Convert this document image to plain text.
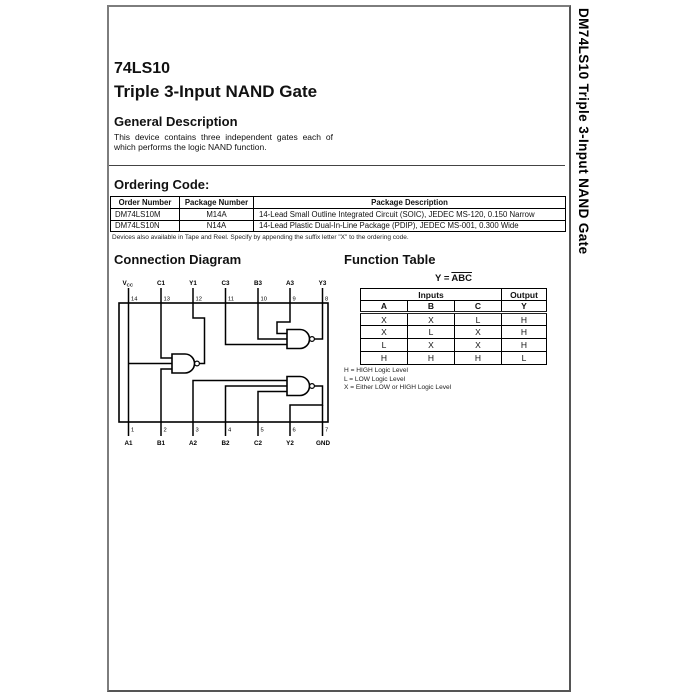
DM74LS10 Triple 3-Input NAND Gate
74LS10
Triple 3-Input NAND Gate
General Description
This device contains three independent gates each of which performs the logic NAND function.
Ordering Code:
Order Number	Package Number	Package Description
DM74LS10M	M14A	14-Lead Small Outline Integrated Circuit (SOIC), JEDEC MS-120, 0.150 Narrow
DM74LS10N	N14A	14-Lead Plastic Dual-In-Line Package (PDIP), JEDEC MS-001, 0.300 Wide
Devices also available in Tape and Reel. Specify by appending the suffix letter "X" to the ordering code.
Connection Diagram	Function Table
$V_{CC}$	C1	Y1	C3	B3	A3	Y3
14	13	12	11	10	9	8
1	2	3	4	5	6	7
A1	B1	A2	B2	C2	Y2	GND
$Y = \overline{ABC}$
Inputs			Output
A	B	C	Y
X	X	L	H
X	L	X	H
L	X	X	H
H	H	H	L
H = HIGH Logic Level
L = LOW Logic Level
X = Either LOW or HIGH Logic Level
